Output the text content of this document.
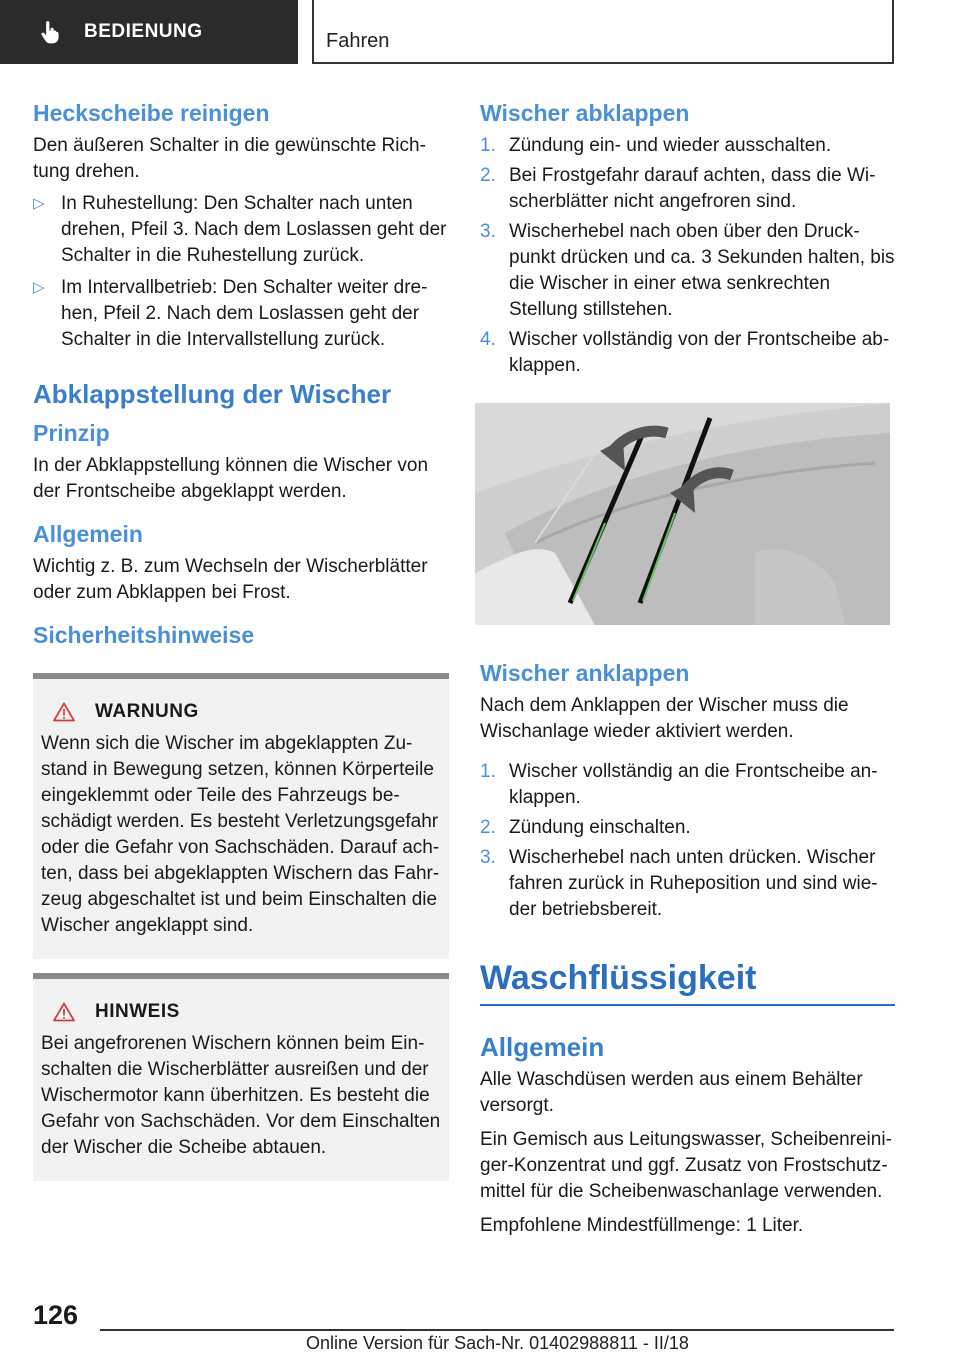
BEDIENUNG	Fahren
Heckscheibe reinigen

Den äußeren Schalter in die gewünschte Richtung drehen.

▷ In Ruhestellung: Den Schalter nach unten drehen, Pfeil 3. Nach dem Loslassen geht der Schalter in die Ruhestellung zurück.
▷ Im Intervallbetrieb: Den Schalter weiter drehen, Pfeil 2. Nach dem Loslassen geht der Schalter in die Intervallstellung zurück.
Abklappstellung der Wischer
Prinzip

In der Abklappstellung können die Wischer von der Frontscheibe abgeklappt werden.

Allgemein

Wichtig z. B. zum Wechseln der Wischerblätter oder zum Abklappen bei Frost.

Sicherheitshinweise
WARNUNG

Wenn sich die Wischer im abgeklappten Zustand in Bewegung setzen, können Körperteile eingeklemmt oder Teile des Fahrzeugs beschädigt werden. Es besteht Verletzungsgefahr oder die Gefahr von Sachschäden. Darauf achten, dass bei abgeklappten Wischern das Fahrzeug abgeschaltet ist und beim Einschalten die Wischer angeklappt sind.

HINWEIS

Bei angefrorenen Wischern können beim Einschalten die Wischerblätter ausreißen und der Wischermotor kann überhitzen. Es besteht die Gefahr von Sachschäden. Vor dem Einschalten der Wischer die Scheibe abtauen.

Wischer abklappen
1. Zündung ein- und wieder ausschalten.
2. Bei Frostgefahr darauf achten, dass die Wischerblätter nicht angefroren sind.
3. Wischerhebel nach oben über den Druckpunkt drücken und ca. 3 Sekunden halten, bis die Wischer in einer etwa senkrechten Stellung stillstehen.
4. Wischer vollständig von der Frontscheibe abklappen.
Wischer anklappen

Nach dem Anklappen der Wischer muss die Wischanlage wieder aktiviert werden.

1. Wischer vollständig an die Frontscheibe anklappen.
2. Zündung einschalten.
3. Wischerhebel nach unten drücken. Wischer fahren zurück in Ruheposition und sind wieder betriebsbereit.
Waschflüssigkeit
Allgemein

Alle Waschdüsen werden aus einem Behälter versorgt.

Ein Gemisch aus Leitungswasser, Scheibenreiniger-Konzentrat und ggf. Zusatz von Frostschutzmittel für die Scheibenwaschanlage verwenden.

Empfohlene Mindestfüllmenge: 1 Liter.

126
Online Version für Sach-Nr. 01402988811 - II/18
